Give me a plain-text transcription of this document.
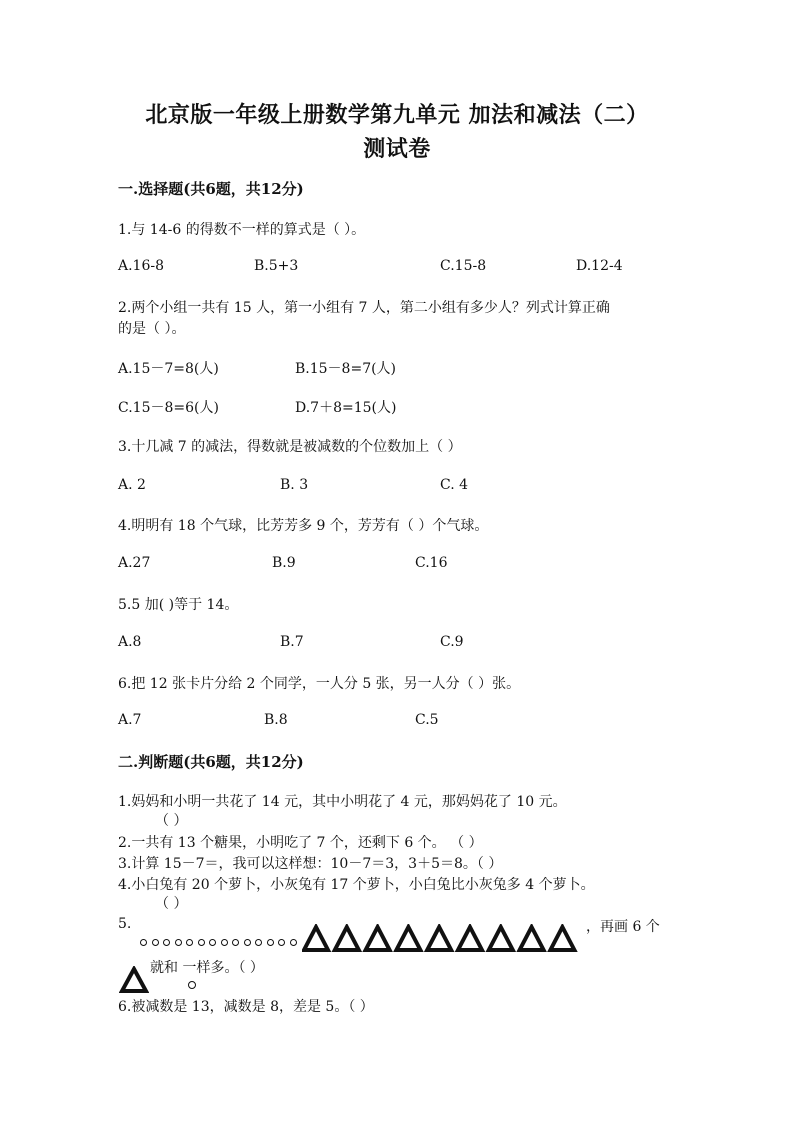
北京版一年级上册数学第九单元 加法和减法（二）
测试卷
一.选择题(共6题，共12分)
1.与 14-6 的得数不一样的算式是（ ）。
A.16-8	B.5+3	C.15-8	D.12-4
2.两个小组一共有 15 人，第一小组有 7 人，第二小组有多少人？列式计算正确
的是（ ）。
A.15－7=8(人)	B.15－8=7(人)
C.15－8=6(人)	D.7＋8=15(人)
3.十几减 7 的减法，得数就是被减数的个位数加上（ ）
A. 2	B. 3	C. 4
4.明明有 18 个气球，比芳芳多 9 个，芳芳有（ ）个气球。
A.27	B.9	C.16
5.5 加( )等于 14。
A.8	B.7	C.9
6.把 12 张卡片分给 2 个同学，一人分 5 张，另一人分（ ）张。
A.7	B.8	C.5
二.判断题(共6题，共12分)
1.妈妈和小明一共花了 14 元，其中小明花了 4 元，那妈妈花了 10 元。
（ ）
2.一共有 13 个糖果，小明吃了 7 个，还剩下 6 个。 （ ）
3.计算 15－7＝，我可以这样想：10－7＝3，3＋5＝8。（ ）
4.小白兔有 20 个萝卜，小灰兔有 17 个萝卜，小白兔比小灰兔多 4 个萝卜。
（ ）
5.	，再画 6 个
就和 一样多。（ ）
6.被减数是 13，减数是 8，差是 5。（ ）
